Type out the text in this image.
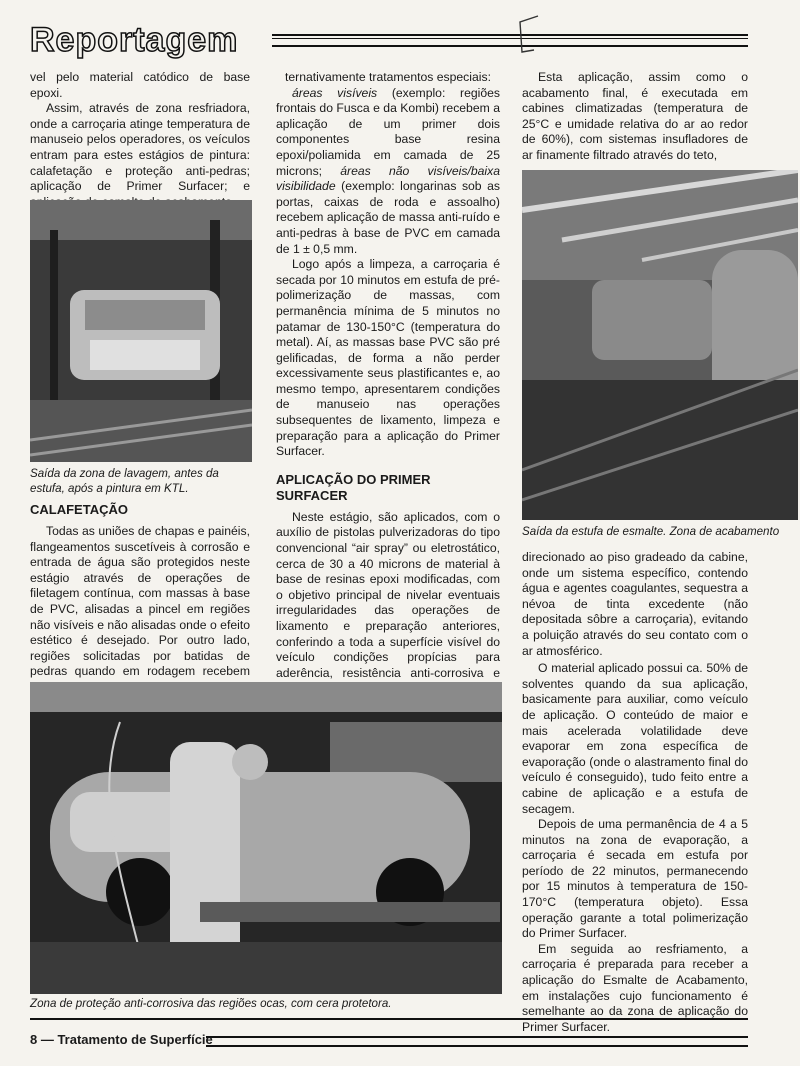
Reportagem

vel pelo material catódico de base epoxi.

Assim, através de zona resfriadora, onde a carroçaria atinge temperatura de manuseio pelos operadores, os veículos entram para estes estágios de pintura: calafetação e proteção anti-pedras; aplicação de Primer Surfacer; e

Saída da zona de lavagem, antes da estufa, após a pintura em KTL.

CALAFETAÇÃO

Todas as uniões de chapas e painéis, flangeamentos suscetíveis à corrosão e entrada de água são protegidos neste estágio através de operações de filetagem contínua, com massas à base de PVC, alisadas a pincel em regiões não visíveis e não alisadas onde o efeito estético é desejado. Por outro lado, regiões solicitadas por batidas de pedras quando em rodagem recebem

ternativamente tratamentos especiais:

áreas visíveis (exemplo: regiões frontais do Fusca e da Kombi) recebem a aplicação de um primer dois componentes base resina epoxi/poliamida em camada de 25 microns; áreas não visíveis/baixa visibilidade (exemplo: longarinas sob as portas, caixas de roda e assoalho) recebem aplicação de massa anti-ruído e anti-pedras à base de PVC em camada de 1 ± 0,5 mm.

Logo após a limpeza, a carroçaria é secada por 10 minutos em estufa de pré-polimerização de massas, com permanência mínima de 5 minutos no patamar de 130-150°C (temperatura do metal). Aí, as massas base PVC são pré gelificadas, de forma a não perder excessivamente seus plastificantes e, ao mesmo tempo, apresentarem condições de manuseio nas operações subsequentes de lixamento, limpeza e preparação para a aplicação do Primer Surfacer.

APLICAÇÃO DO PRIMER

SURFACER

Neste estágio, são aplicados, com o auxílio de pistolas pulverizadoras do tipo convencional “air spray” ou eletrostático, cerca de 30 a 40 microns de material à base de resinas epoxi modificadas, com o objetivo principal de nivelar eventuais irregularidades das operações de lixamento e preparação anteriores, conferindo a toda a superfície visível do veículo condições propícias para aderência, resistência anti-corrosiva e

Esta aplicação, assim como o acabamento final, é executada em cabines climatizadas (temperatura de 25°C e umidade relativa do ar ao redor de 60%), com sistemas insufladores de ar finamente filtrado através do teto,

Saída da estufa de esmalte. Zona de acabamento

direcionado ao piso gradeado da cabine, onde um sistema específico, contendo água e agentes coagulantes, sequestra a névoa de tinta excedente (não depositada sôbre a carroçaria), evitando a poluição através do seu contato com o ar atmosférico.

O material aplicado possui ca. 50% de solventes quando da sua aplicação, basicamente para auxiliar, como veículo de aplicação. O conteúdo de maior e mais acelerada volatilidade deve evaporar em zona específica de evaporação (onde o alastramento final do veículo é conseguido), tudo feito entre a cabine de aplicação e a estufa de secagem.

Depois de uma permanência de 4 a 5 minutos na zona de evaporação, a carroçaria é secada em estufa por período de 22 minutos, permanecendo por 15 minutos à temperatura de 150-170°C (temperatura objeto). Essa operação garante a total polimerização do Primer Surfacer.

Em seguida ao resfriamento, a carroçaria é preparada para receber a aplicação do Esmalte de Acabamento, em instalações cujo funcionamento é semelhante ao da zona de aplicação do Primer Surfacer.

Zona de proteção anti-corrosiva das regiões ocas, com cera protetora.
8 — Tratamento de Superfície
